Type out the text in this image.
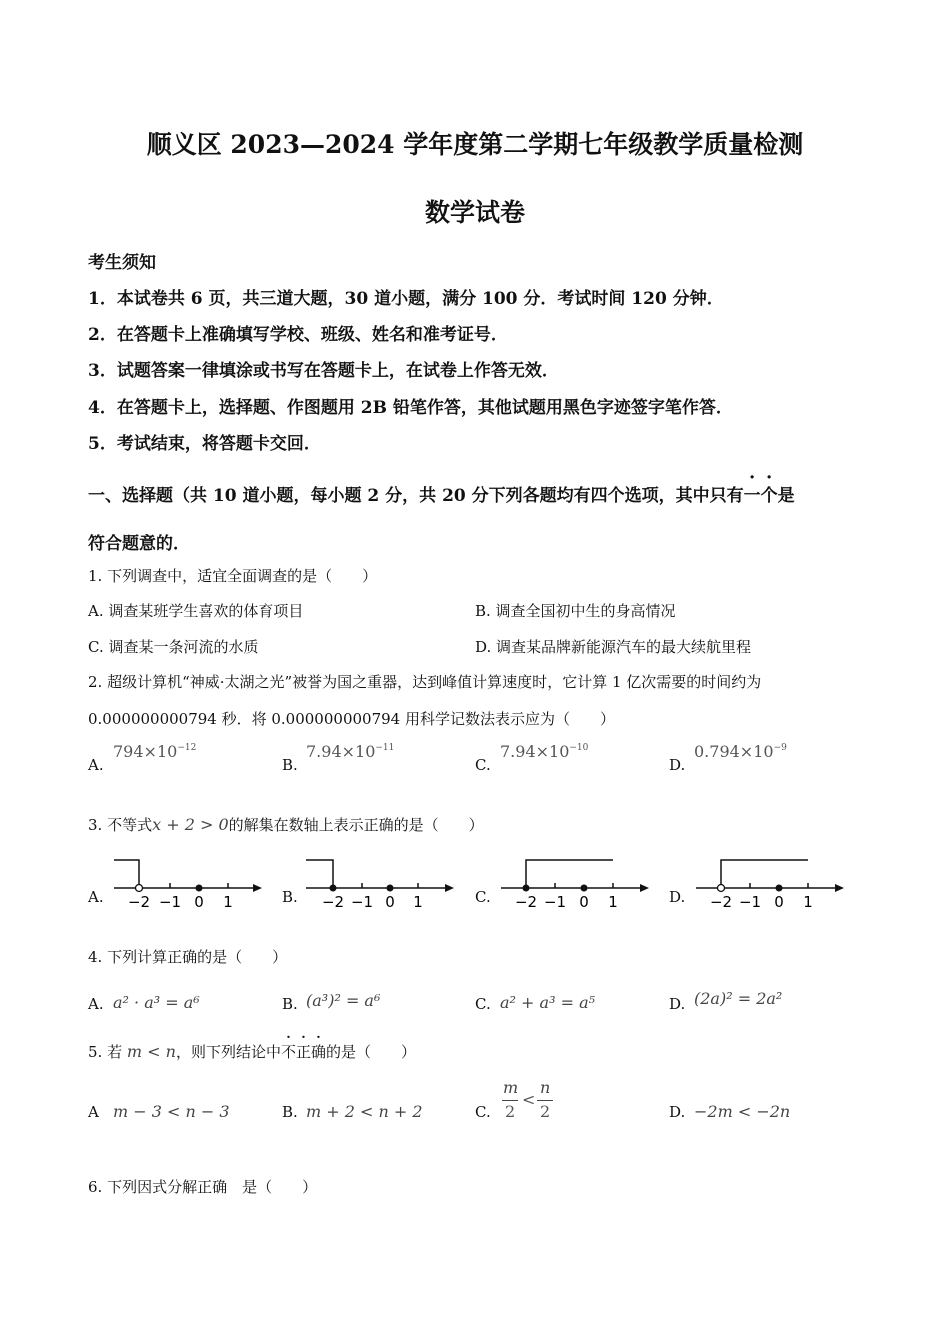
顺义区 2023—2024 学年度第二学期七年级教学质量检测
数学试卷
考生须知
1．本试卷共 6 页，共三道大题，30 道小题，满分 100 分．考试时间 120 分钟．
2．在答题卡上准确填写学校、班级、姓名和准考证号．
3．试题答案一律填涂或书写在答题卡上，在试卷上作答无效．
4．在答题卡上，选择题、作图题用 2B 铅笔作答，其他试题用黑色字迹签字笔作答．
5．考试结束，将答题卡交回．
一、选择题（共 10 道小题，每小题 2 分，共 20 分下列各题均有四个选项，其中只有一个是
符合题意的．
1. 下列调查中，适宜全面调查的是（　　）
A. 调查某班学生喜欢的体育项目	B. 调查全国初中生的身高情况
C. 调查某一条河流的水质	D. 调查某品牌新能源汽车的最大续航里程
2. 超级计算机“神威·太湖之光”被誉为国之重器，达到峰值计算速度时，它计算 1 亿次需要的时间约为
0.000000000794 秒．将 0.000000000794 用科学记数法表示应为（　　）
A.
$794\times 10^{-12}$
B.
$7.94\times 10^{-11}$
C.
$7.94\times 10^{-10}$
D.
$0.794\times 10^{-9}$
3. 不等式x + 2 > 0的解集在数轴上表示正确的是（　　）
A.	B.	C.	D.
−2 −1 0 1	−2 −1 0 1	−2 −1 0 1	−2 −1 0 1
4. 下列计算正确的是（　　）
A. a² · a³ = a⁶	B. (a³)² = a⁶	C. a² + a³ = a⁵	D. (2a)² = 2a²
5. 若 m < n，则下列结论中不正确的是（　　）
A m − 3 < n − 3	B. m + 2 < n + 2	C.
m
2
<
n
2	D. −2m < −2n
6. 下列因式分解正确　是（　　）
